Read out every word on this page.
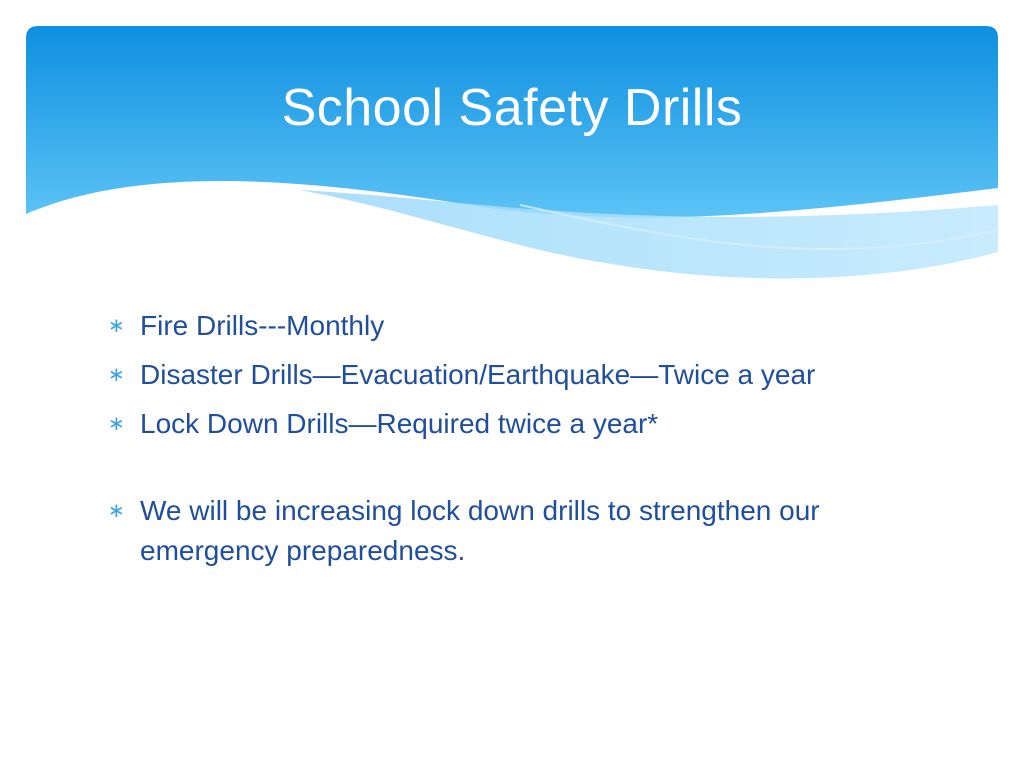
School Safety Drills
∗ Fire Drills---Monthly
∗ Disaster Drills—Evacuation/Earthquake—Twice a year
∗ Lock Down Drills—Required twice a year*
∗ We will be increasing lock down drills to strengthen our emergency preparedness.
